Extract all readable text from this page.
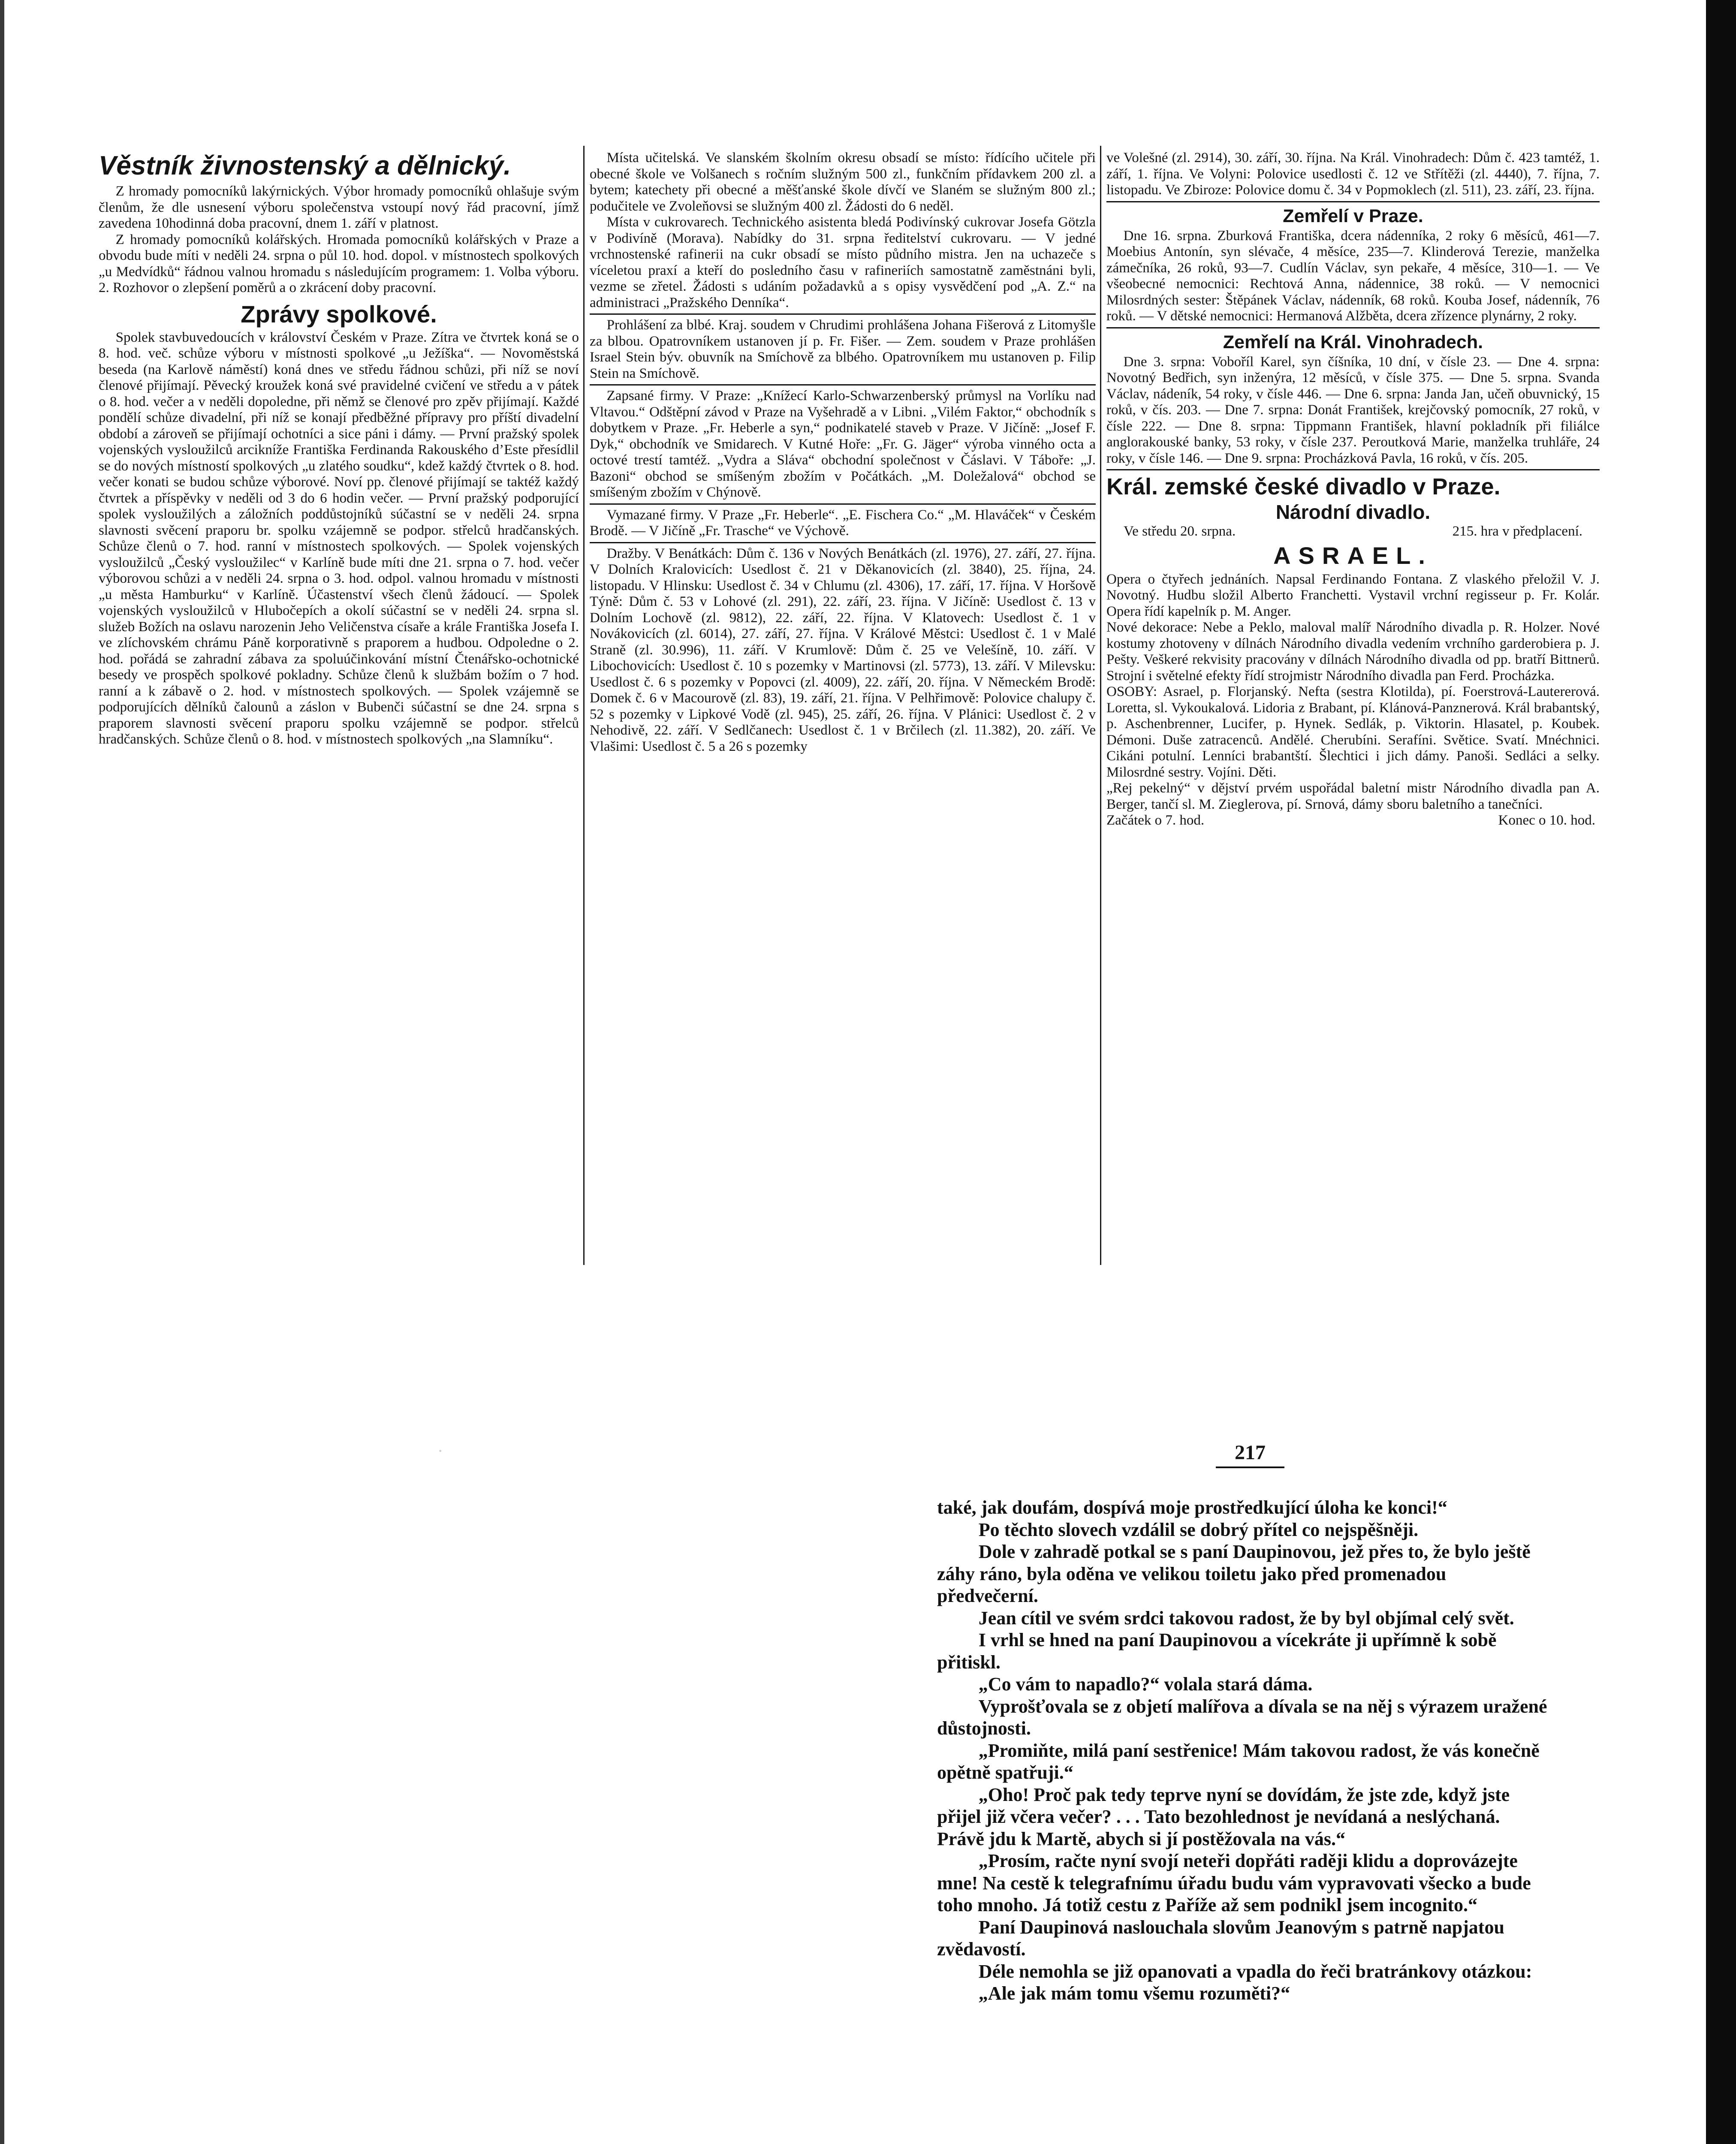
Věstník živnostenský a dělnický.

Z hromady pomocníků lakýrnických. Výbor hromady pomocníků ohlašuje svým členům, že dle usnesení výboru společenstva vstoupí nový řád pracovní, jímž zavedena 10hodinná doba pracovní, dnem 1. září v platnost.

Z hromady pomocníků kolářských. Hromada pomocníků kolářských v Praze a obvodu bude míti v neděli 24. srpna o půl 10. hod. dopol. v místnostech spolkových „u Medvídků“ řádnou valnou hromadu s následujícím programem: 1. Volba výboru. 2. Rozhovor o zlepšení poměrů a o zkrácení doby pracovní.

Zprávy spolkové.

Spolek stavbuvedoucích v království Českém v Praze. Zítra ve čtvrtek koná se o 8. hod. več. schůze výboru v místnosti spolkové „u Ježíška“. — Novoměstská beseda (na Karlově náměstí) koná dnes ve středu řádnou schůzi, při níž se noví členové přijímají. Pěvecký kroužek koná své pravidelné cvičení ve středu a v pátek o 8. hod. večer a v neděli dopoledne, při němž se členové pro zpěv přijímají. Každé pondělí schůze divadelní, při níž se konají předběžné přípravy pro příští divadelní období a zároveň se přijímají ochotníci a sice páni i dámy. — První pražský spolek vojenských vysloužilců arcikníže Františka Ferdinanda Rakouského d’Este přesídlil se do nových místností spolkových „u zlatého soudku“, kdež každý čtvrtek o 8. hod. večer konati se budou schůze výborové. Noví pp. členové přijímají se taktéž každý čtvrtek a příspěvky v neděli od 3 do 6 hodin večer. — První pražský podporující spolek vysloužilých a záložních poddůstojníků súčastní se v neděli 24. srpna slavnosti svěcení praporu br. spolku vzájemně se podpor. střelců hradčanských. Schůze členů o 7. hod. ranní v místnostech spolkových. — Spolek vojenských vysloužilců „Český vysloužilec“ v Karlíně bude míti dne 21. srpna o 7. hod. večer výborovou schůzi a v neděli 24. srpna o 3. hod. odpol. valnou hromadu v místnosti „u města Hamburku“ v Karlíně. Účastenství všech členů žádoucí. — Spolek vojenských vysloužilců v Hlubočepích a okolí súčastní se v neděli 24. srpna sl. služeb Božích na oslavu narozenin Jeho Veličenstva císaře a krále Františka Josefa I. ve zlíchovském chrámu Páně korporativně s praporem a hudbou. Odpoledne o 2. hod. pořádá se zahradní zábava za spoluúčinkování místní Čtenářsko-ochotnické besedy ve prospěch spolkové pokladny. Schůze členů k službám božím o 7 hod. ranní a k zábavě o 2. hod. v místnostech spolkových. — Spolek vzájemně se podporujících dělníků čalounů a záslon v Bubenči súčastní se dne 24. srpna s praporem slavnosti svěcení praporu spolku vzájemně se podpor. střelců hradčanských. Schůze členů o 8. hod. v místnostech spolkových „na Slamníku“.

Místa učitelská. Ve slanském školním okresu obsadí se místo: řídícího učitele při obecné škole ve Volšanech s ročním služným 500 zl., funkčním přídavkem 200 zl. a bytem; katechety při obecné a měšťanské škole dívčí ve Slaném se služným 800 zl.; podučitele ve Zvoleňovsi se služným 400 zl. Žádosti do 6 neděl.

Místa v cukrovarech. Technického asistenta bledá Podivínský cukrovar Josefa Götzla v Podivíně (Morava). Nabídky do 31. srpna ředitelství cukrovaru. — V jedné vrchnostenské rafinerii na cukr obsadí se místo půdního mistra. Jen na uchazeče s víceletou praxí a kteří do posledního času v rafineriích samostatně zaměstnáni byli, vezme se zřetel. Žádosti s udáním požadavků a s opisy vysvědčení pod „A. Z.“ na administraci „Pražského Denníka“.

Prohlášení za blbé. Kraj. soudem v Chrudimi prohlášena Johana Fišerová z Litomyšle za blbou. Opatrovníkem ustanoven jí p. Fr. Fišer. — Zem. soudem v Praze prohlášen Israel Stein býv. obuvník na Smíchově za blbého. Opatrovníkem mu ustanoven p. Filip Stein na Smíchově.

Zapsané firmy. V Praze: „Knížecí Karlo-Schwarzenberský průmysl na Vorlíku nad Vltavou.“ Odštěpní závod v Praze na Vyšehradě a v Libni. „Vilém Faktor,“ obchodník s dobytkem v Praze. „Fr. Heberle a syn,“ podnikatelé staveb v Praze. V Jičíně: „Josef F. Dyk,“ obchodník ve Smidarech. V Kutné Hoře: „Fr. G. Jäger“ výroba vinného octa a octové trestí tamtéž. „Vydra a Sláva“ obchodní společnost v Čáslavi. V Táboře: „J. Bazoni“ obchod se smíšeným zbožím v Počátkách. „M. Doležalová“ obchod se smíšeným zbožím v Chýnově.

Vymazané firmy. V Praze „Fr. Heberle“. „E. Fischera Co.“ „M. Hlaváček“ v Českém Brodě. — V Jičíně „Fr. Trasche“ ve Výchově.

Dražby. V Benátkách: Dům č. 136 v Nových Benátkách (zl. 1976), 27. září, 27. října. V Dolních Kralovicích: Usedlost č. 21 v Děkanovicích (zl. 3840), 25. října, 24. listopadu. V Hlinsku: Usedlost č. 34 v Chlumu (zl. 4306), 17. září, 17. října. V Horšově Týně: Dům č. 53 v Lohové (zl. 291), 22. září, 23. října. V Jičíně: Usedlost č. 13 v Dolním Lochově (zl. 9812), 22. září, 22. října. V Klatovech: Usedlost č. 1 v Novákovicích (zl. 6014), 27. září, 27. října. V Králové Městci: Usedlost č. 1 v Malé Straně (zl. 30.996), 11. září. V Krumlově: Dům č. 25 ve Velešíně, 10. září. V Libochovicích: Usedlost č. 10 s pozemky v Martinovsi (zl. 5773), 13. září. V Milevsku: Usedlost č. 6 s pozemky v Popovci (zl. 4009), 22. září, 20. října. V Německém Brodě: Domek č. 6 v Macourově (zl. 83), 19. září, 21. října. V Pelhřimově: Polovice chalupy č. 52 s pozemky v Lipkové Vodě (zl. 945), 25. září, 26. října. V Plánici: Usedlost č. 2 v Nehodivě, 22. září. V Sedlčanech: Usedlost č. 1 v Brčilech (zl. 11.382), 20. září. Ve Vlašimi: Usedlost č. 5 a 26 s pozemky

ve Volešné (zl. 2914), 30. září, 30. října. Na Král. Vinohradech: Dům č. 423 tamtéž, 1. září, 1. října. Ve Volyni: Polovice usedlosti č. 12 ve Střítěži (zl. 4440), 7. října, 7. listopadu. Ve Zbiroze: Polovice domu č. 34 v Popmoklech (zl. 511), 23. září, 23. října.

Zemřelí v Praze.

Dne 16. srpna. Zburková Františka, dcera nádenníka, 2 roky 6 měsíců, 461—7. Moebius Antonín, syn slévače, 4 měsíce, 235—7. Klinderová Terezie, manželka zámečníka, 26 roků, 93—7. Cudlín Václav, syn pekaře, 4 měsíce, 310—1. — Ve všeobecné nemocnici: Rechtová Anna, nádennice, 38 roků. — V nemocnici Milosrdných sester: Štěpánek Václav, nádenník, 68 roků. Kouba Josef, nádenník, 76 roků. — V dětské nemocnici: Hermanová Alžběta, dcera zřízence plynárny, 2 roky.

Zemřelí na Král. Vinohradech.

Dne 3. srpna: Voboříl Karel, syn číšníka, 10 dní, v čísle 23. — Dne 4. srpna: Novotný Bedřich, syn inženýra, 12 měsíců, v čísle 375. — Dne 5. srpna. Svandа Václav, nádeník, 54 roky, v čísle 446. — Dne 6. srpna: Janda Jan, učeň obuvnický, 15 roků, v čís. 203. — Dne 7. srpna: Donát František, krejčovský pomocník, 27 roků, v čísle 222. — Dne 8. srpna: Tippmann František, hlavní pokladník při filiálce anglorakouské banky, 53 roky, v čísle 237. Peroutková Marie, manželka truhláře, 24 roky, v čísle 146. — Dne 9. srpna: Procházková Pavla, 16 roků, v čís. 205.

Král. zemské české divadlo v Praze.
Národní divadlo.

Ve středu 20. srpna.	215. hra v předplacení.

ASRAEL.

Opera o čtyřech jednáních. Napsal Ferdinando Fontana. Z vlaského přeložil V. J. Novotný. Hudbu složil Alberto Franchetti. Vystavil vrchní regisseur p. Fr. Kolár. Opera řídí kapelník p. M. Anger.

Nové dekorace: Nebe a Peklo, maloval malíř Národního divadla p. R. Holzer. Nové kostumy zhotoveny v dílnách Národního divadla vedením vrchního garderobiera p. J. Pešty. Veškeré rekvisity pracovány v dílnách Národního divadla od pp. bratří Bittnerů. Strojní i světelné efekty řídí strojmistr Národního divadla pan Ferd. Procházka.

OSOBY: Asrael, p. Florjanský. Nefta (sestra Klotilda), pí. Foerstrová-Lautererová. Loretta, sl. Vykoukalová. Lidoria z Brabant, pí. Klánová-Panznerová. Král brabantský, p. Aschenbrenner, Lucifer, p. Hynek. Sedlák, p. Viktorin. Hlasatel, p. Koubek. Démoni. Duše zatracenců. Andělé. Cherubíni. Serafíni. Světice. Svatí. Mnéchnici. Cikáni potulní. Lenníci brabantští. Šlechtici i jich dámy. Panoši. Sedláci a selky. Milosrdné sestry. Vojíni. Děti.

„Rej pekelný“ v dějství prvém uspořádal baletní mistr Národního divadla pan A. Berger, tančí sl. M. Zieglerova, pí. Srnová, dámy sboru baletního a tanečníci.

Začátek o 7. hod.	Konec o 10. hod.

·

	217

také, jak doufám, dospívá moje prostředkující úloha ke konci!“

Po těchto slovech vzdálil se dobrý přítel co nejspěšněji.

Dole v zahradě potkal se s paní Daupinovou, jež přes to, že bylo ještě záhy ráno, byla oděna ve velikou toiletu jako před promenadou předvečerní.

Jean cítil ve svém srdci takovou radost, že by byl objímal celý svět.

I vrhl se hned na paní Daupinovou a vícekráte ji upřímně k sobě přitiskl.

„Co vám to napadlo?“ volala stará dáma.

Vyprošťovala se z objetí malířova a dívala se na něj s výrazem uražené důstojnosti.

„Promiňte, milá paní sestřenice! Mám takovou radost, že vás konečně opětně spatřuji.“

„Oho! Proč pak tedy teprve nyní se dovídám, že jste zde, když jste přijel již včera večer? . . . Tato bezohlednost je nevídaná a neslýchaná. Právě jdu k Martě, abych si jí postěžovala na vás.“

„Prosím, račte nyní svojí neteři dopřáti raději klidu a doprovázejte mne! Na cestě k telegrafnímu úřadu budu vám vypravovati všecko a bude toho mnoho. Já totiž cestu z Paříže až sem podnikl jsem incognito.“

Paní Daupinová naslouchala slovům Jeanovým s patrně napjatou zvědavostí.

Déle nemohla se již opanovati a vpadla do řeči bratránkovy otázkou:

„Ale jak mám tomu všemu rozuměti?“
